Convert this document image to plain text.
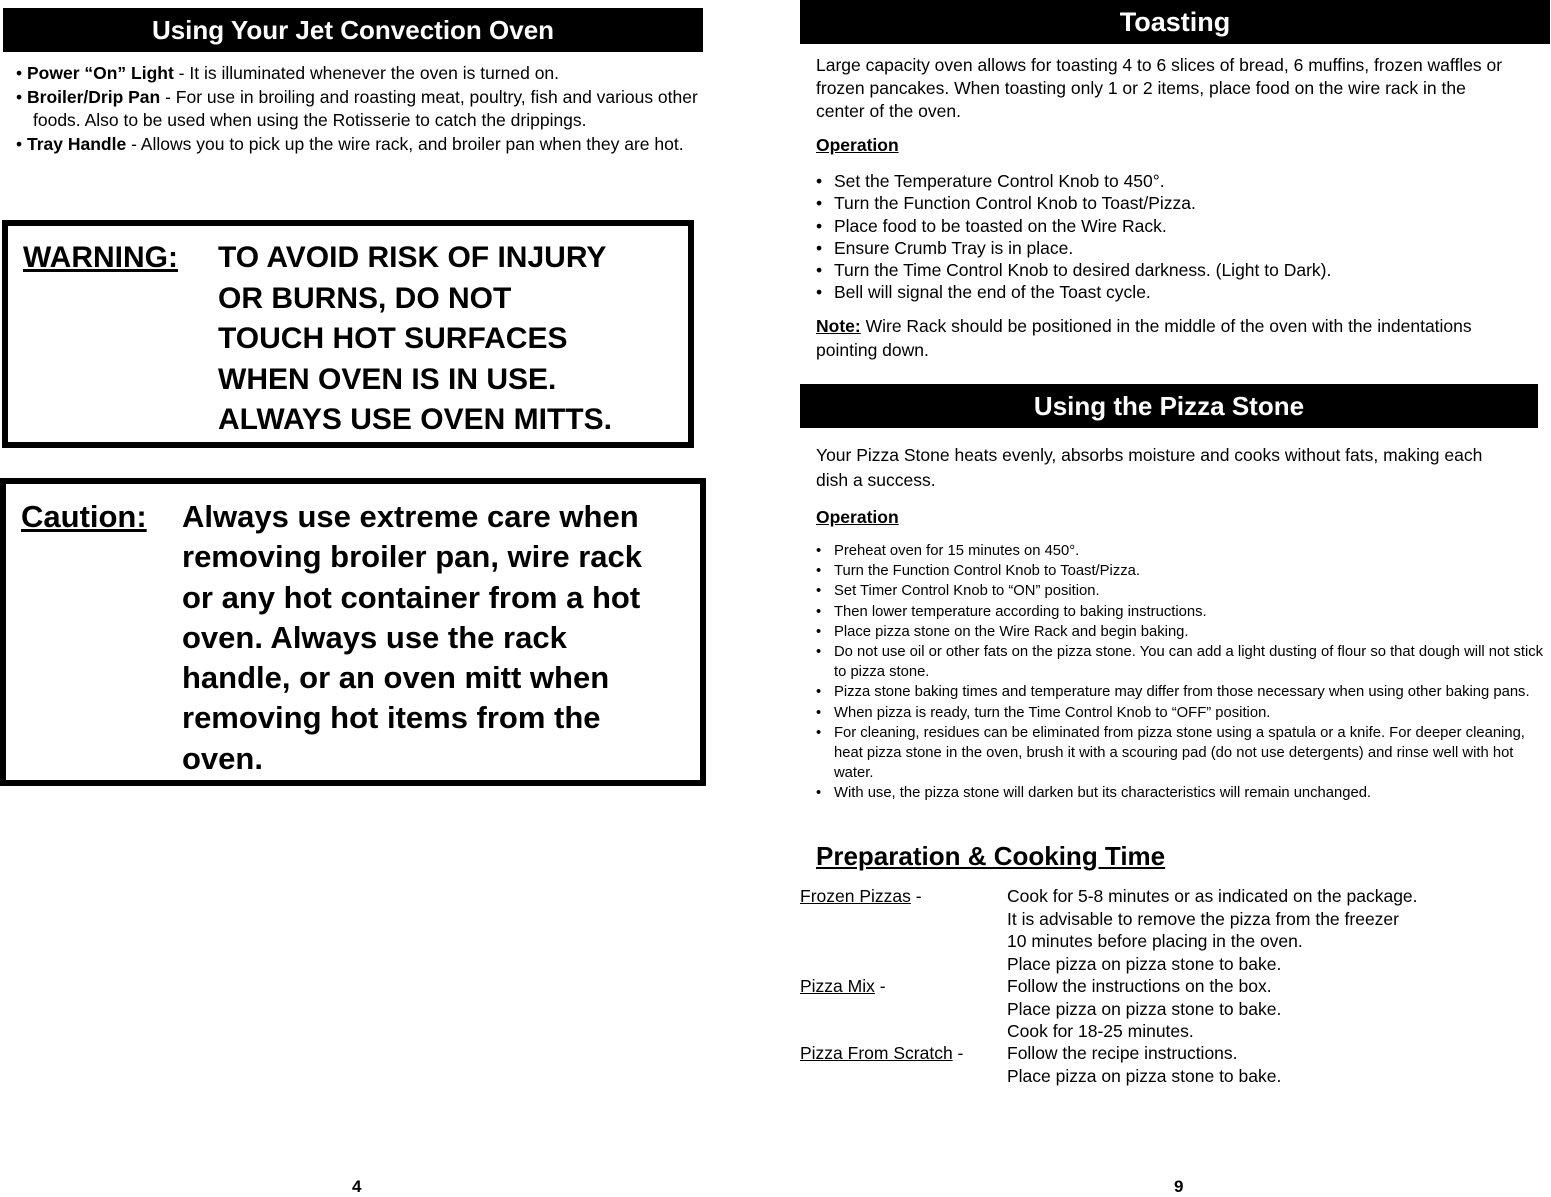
Using Your Jet Convection Oven
• Power “On” Light - It is illuminated whenever the oven is turned on.
• Broiler/Drip Pan - For use in broiling and roasting meat, poultry, fish and various other foods. Also to be used when using the Rotisserie to catch the drippings.
• Tray Handle - Allows you to pick up the wire rack, and broiler pan when they are hot.
WARNING: TO AVOID RISK OF INJURY
OR BURNS, DO NOT
TOUCH HOT SURFACES
WHEN OVEN IS IN USE.
ALWAYS USE OVEN MITTS.
Caution: Always use extreme care when
removing broiler pan, wire rack
or any hot container from a hot
oven. Always use the rack
handle, or an oven mitt when
removing hot items from the
oven.
4
Toasting
Large capacity oven allows for toasting 4 to 6 slices of bread, 6 muffins, frozen waffles or frozen pancakes. When toasting only 1 or 2 items, place food on the wire rack in the center of the oven.
Operation
• Set the Temperature Control Knob to 450°.
• Turn the Function Control Knob to Toast/Pizza.
• Place food to be toasted on the Wire Rack.
• Ensure Crumb Tray is in place.
• Turn the Time Control Knob to desired darkness. (Light to Dark).
• Bell will signal the end of the Toast cycle.
Note: Wire Rack should be positioned in the middle of the oven with the indentations pointing down.
Using the Pizza Stone
Your Pizza Stone heats evenly, absorbs moisture and cooks without fats, making each dish a success.
Operation
• Preheat oven for 15 minutes on 450°.
• Turn the Function Control Knob to Toast/Pizza.
• Set Timer Control Knob to “ON” position.
• Then lower temperature according to baking instructions.
• Place pizza stone on the Wire Rack and begin baking.
• Do not use oil or other fats on the pizza stone. You can add a light dusting of flour so that dough will not stick to pizza stone.
• Pizza stone baking times and temperature may differ from those necessary when using other baking pans.
• When pizza is ready, turn the Time Control Knob to “OFF” position.
• For cleaning, residues can be eliminated from pizza stone using a spatula or a knife. For deeper cleaning, heat pizza stone in the oven, brush it with a scouring pad (do not use detergents) and rinse well with hot water.
• With use, the pizza stone will darken but its characteristics will remain unchanged.
Preparation & Cooking Time
Frozen Pizzas -	Cook for 5-8 minutes or as indicated on the package.
It is advisable to remove the pizza from the freezer
10 minutes before placing in the oven.
Place pizza on pizza stone to bake.
Pizza Mix -	Follow the instructions on the box.
Place pizza on pizza stone to bake.
Cook for 18-25 minutes.
Pizza From Scratch - Follow the recipe instructions.
Place pizza on pizza stone to bake.
9
